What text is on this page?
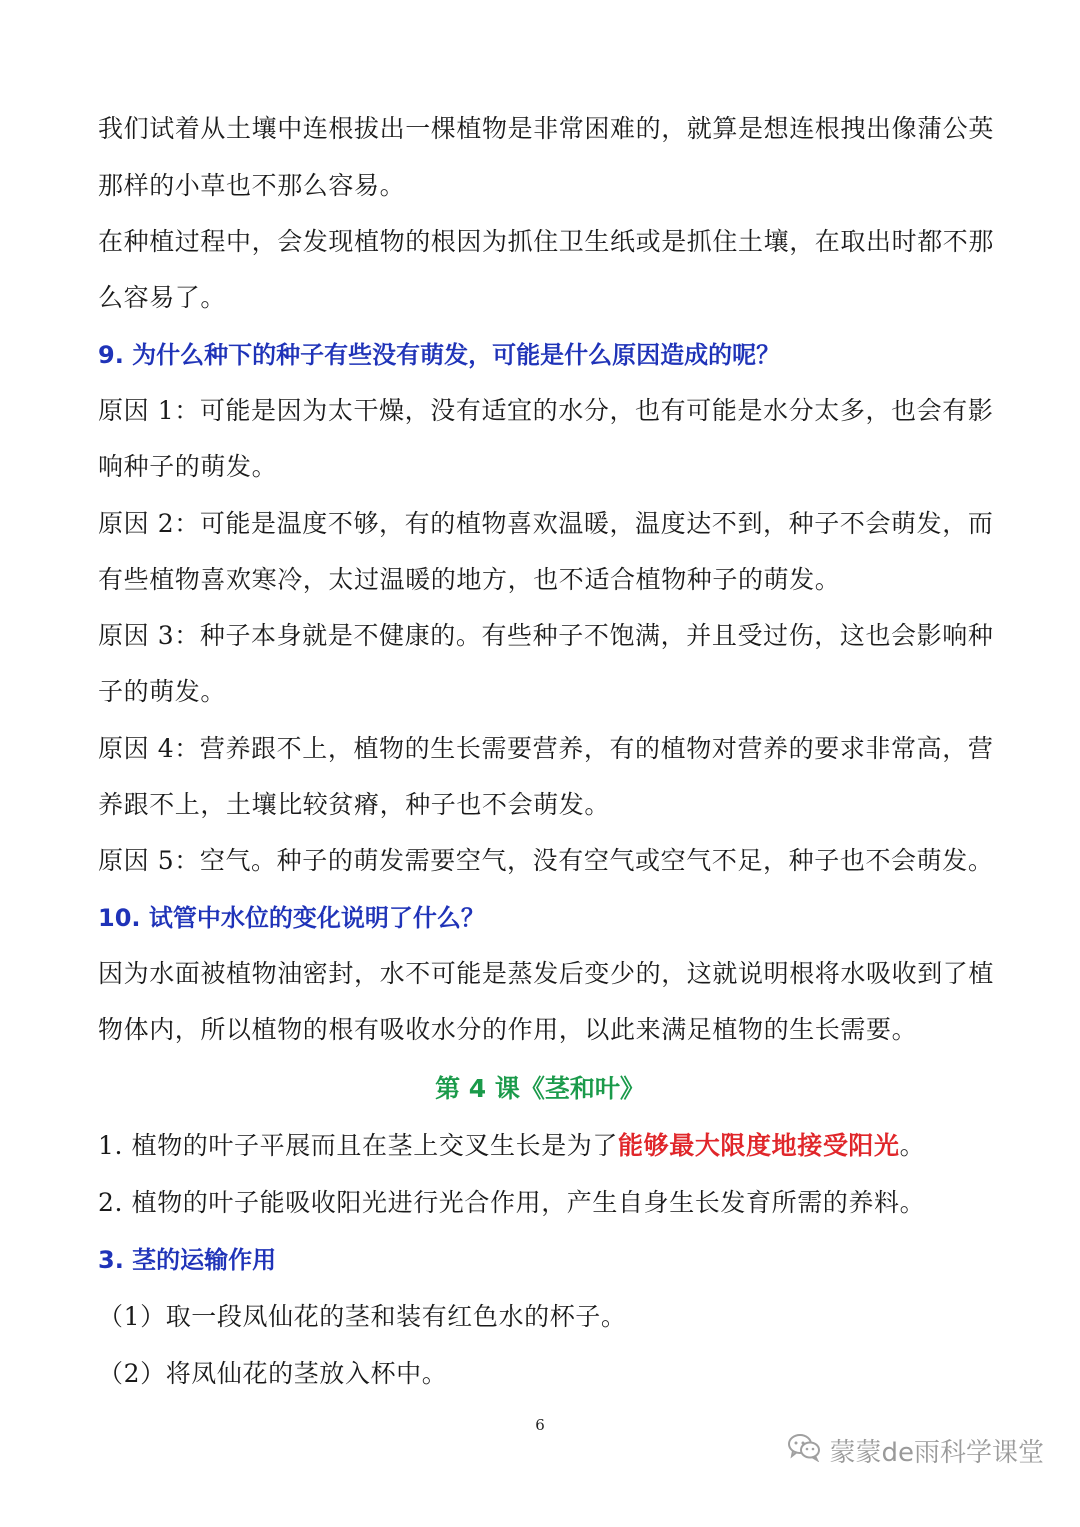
我们试着从土壤中连根拔出一棵植物是非常困难的，就算是想连根拽出像蒲公英
那样的小草也不那么容易。
在种植过程中，会发现植物的根因为抓住卫生纸或是抓住土壤，在取出时都不那
么容易了。
9. 为什么种下的种子有些没有萌发，可能是什么原因造成的呢？
原因 1：可能是因为太干燥，没有适宜的水分，也有可能是水分太多，也会有影
响种子的萌发。
原因 2：可能是温度不够，有的植物喜欢温暖，温度达不到，种子不会萌发，而
有些植物喜欢寒冷，太过温暖的地方，也不适合植物种子的萌发。
原因 3：种子本身就是不健康的。有些种子不饱满，并且受过伤，这也会影响种
子的萌发。
原因 4：营养跟不上，植物的生长需要营养，有的植物对营养的要求非常高，营
养跟不上，土壤比较贫瘠，种子也不会萌发。
原因 5：空气。种子的萌发需要空气，没有空气或空气不足，种子也不会萌发。
10. 试管中水位的变化说明了什么？
因为水面被植物油密封，水不可能是蒸发后变少的，这就说明根将水吸收到了植
物体内，所以植物的根有吸收水分的作用，以此来满足植物的生长需要。
第 4 课《茎和叶》
1. 植物的叶子平展而且在茎上交叉生长是为了能够最大限度地接受阳光。
2. 植物的叶子能吸收阳光进行光合作用，产生自身生长发育所需的养料。
3. 茎的运输作用
（1）取一段凤仙花的茎和装有红色水的杯子。
（2）将凤仙花的茎放入杯中。
6
蒙蒙de雨科学课堂
